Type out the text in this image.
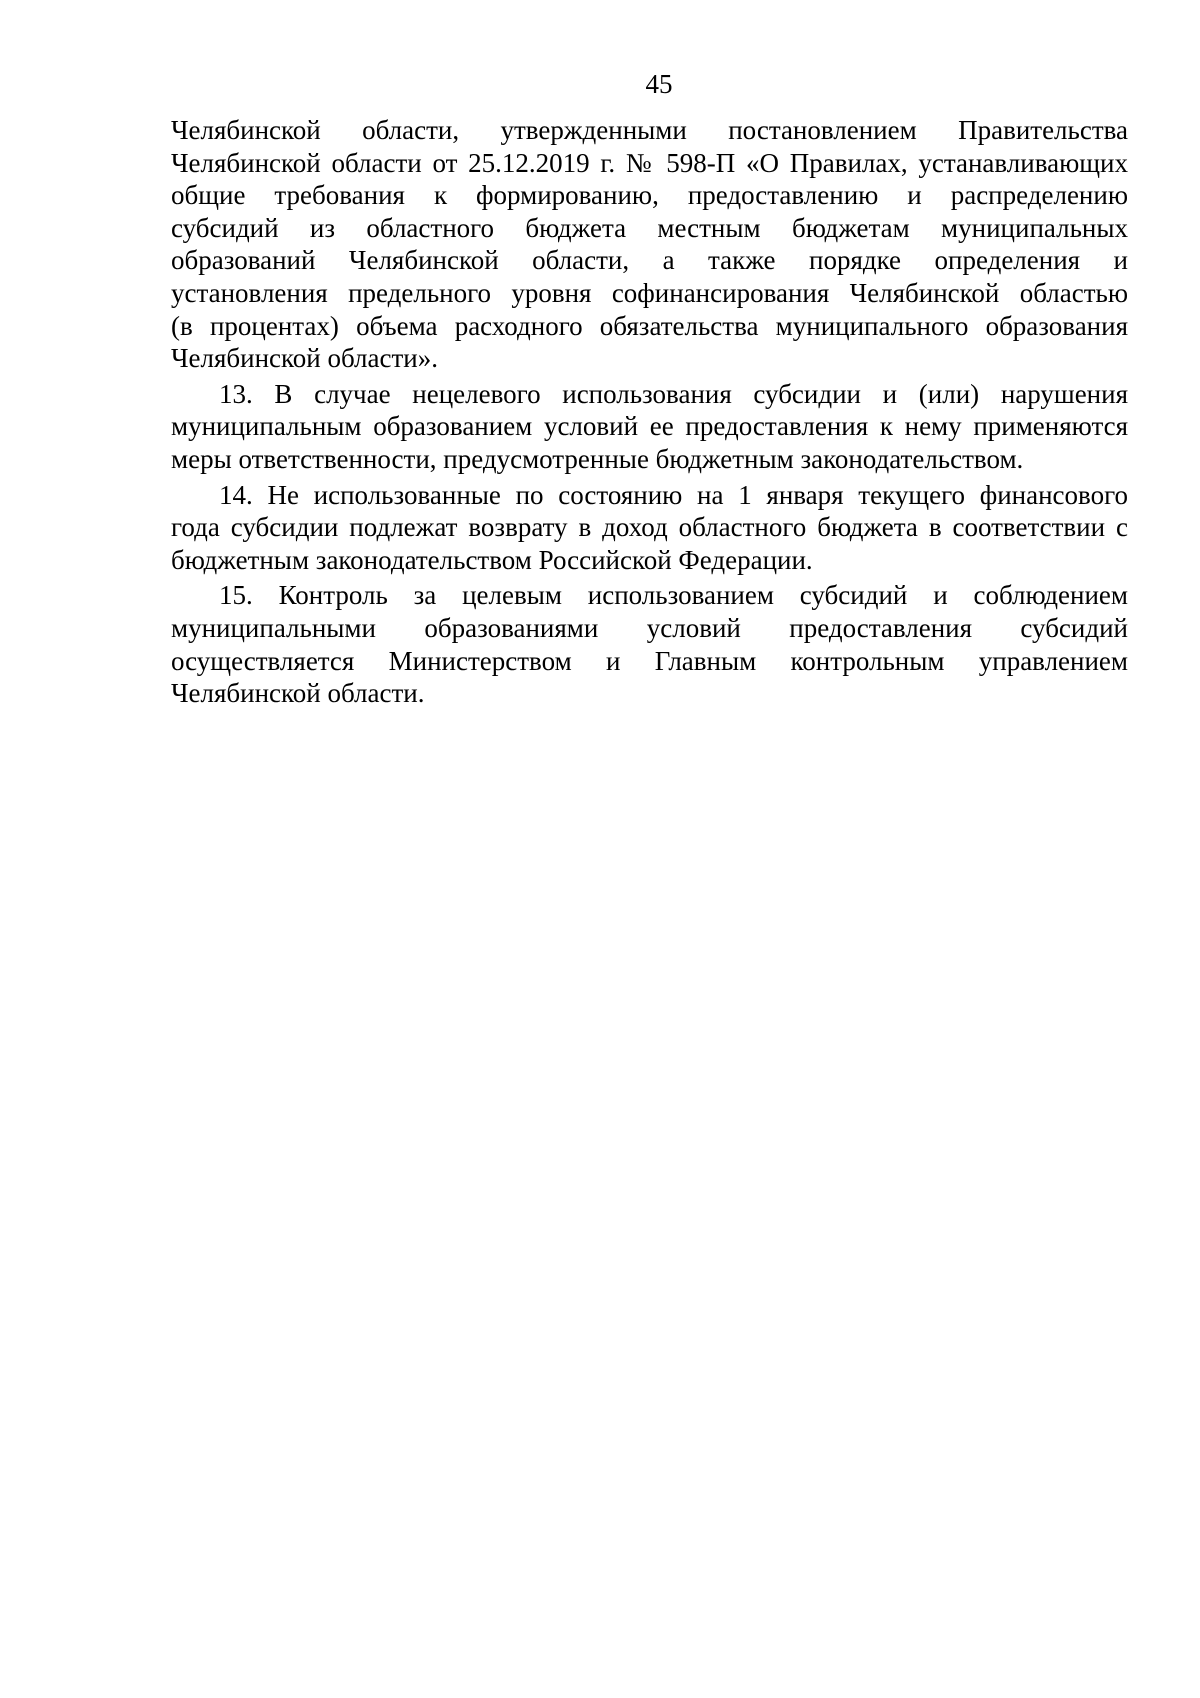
45
Челябинской области, утвержденными постановлением Правительства
Челябинской области от 25.12.2019 г. № 598-П «О Правилах, устанавливающих
общие требования к формированию, предоставлению и распределению
субсидий из областного бюджета местным бюджетам муниципальных
образований Челябинской области, а также порядке определения и
установления предельного уровня софинансирования Челябинской областью
(в процентах) объема расходного обязательства муниципального образования
Челябинской области».
13. В случае нецелевого использования субсидии и (или) нарушения
муниципальным образованием условий ее предоставления к нему применяются
меры ответственности, предусмотренные бюджетным законодательством.
14. Не использованные по состоянию на 1 января текущего финансового
года субсидии подлежат возврату в доход областного бюджета в соответствии с
бюджетным законодательством Российской Федерации.
15. Контроль за целевым использованием субсидий и соблюдением
муниципальными образованиями условий предоставления субсидий
осуществляется Министерством и Главным контрольным управлением
Челябинской области.
